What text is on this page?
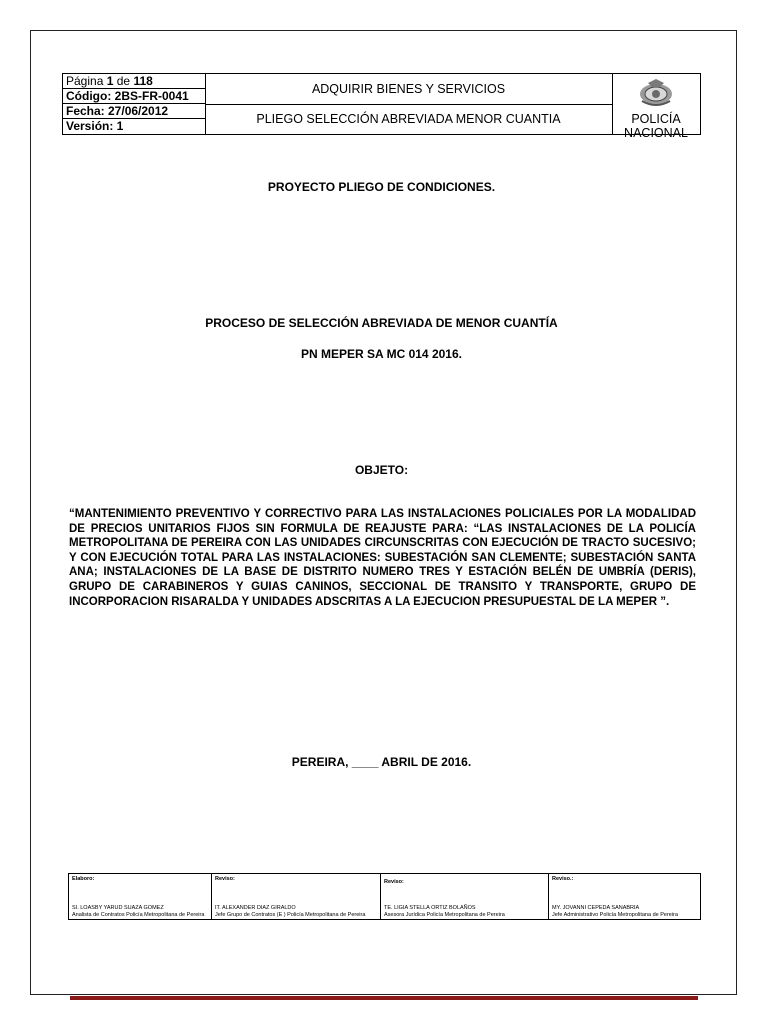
Página 1 de 118
Código: 2BS-FR-0041
Fecha: 27/06/2012
Versión: 1
ADQUIRIR BIENES Y SERVICIOS
PLIEGO SELECCIÓN ABREVIADA MENOR CUANTIA	POLICÍA NACIONAL
PROYECTO PLIEGO DE CONDICIONES.
PROCESO DE SELECCIÓN ABREVIADA DE MENOR CUANTÍA
PN MEPER SA MC 014 2016.
OBJETO:
“MANTENIMIENTO PREVENTIVO Y CORRECTIVO PARA LAS INSTALACIONES POLICIALES POR LA MODALIDAD DE PRECIOS UNITARIOS FIJOS SIN FORMULA DE REAJUSTE PARA: “LAS INSTALACIONES DE LA POLICÍA METROPOLITANA DE PEREIRA CON LAS UNIDADES CIRCUNSCRITAS CON EJECUCIÓN DE TRACTO SUCESIVO; Y CON EJECUCIÓN TOTAL PARA LAS INSTALACIONES: SUBESTACIÓN SAN CLEMENTE; SUBESTACIÓN SANTA ANA; INSTALACIONES DE LA BASE DE DISTRITO NUMERO TRES Y ESTACIÓN BELÉN DE UMBRÍA (DERIS), GRUPO DE CARABINEROS Y GUIAS CANINOS, SECCIONAL DE TRANSITO Y TRANSPORTE, GRUPO DE INCORPORACION RISARALDA Y UNIDADES ADSCRITAS A LA EJECUCION PRESUPUESTAL DE LA MEPER ”.
PEREIRA, ____ ABRIL DE 2016.
Elaboro:
SI. LOASBY YARUD SUAZA GOMEZ
Analista de Contratos Policía Metropolitana de Pereira
Reviso:
IT. ALEXANDER DIAZ GIRALDO
Jefe Grupo de Contratos (E ) Policía Metropolitana de Pereira
Reviso:
TE. LIGIA STELLA ORTIZ BOLAÑOS
Asesora Jurídica Policía Metropolitana de Pereira
Reviso.:
MY. JOVANNI CEPEDA SANABRIA
Jefe Administrativo Policía Metropolitana de Pereira
